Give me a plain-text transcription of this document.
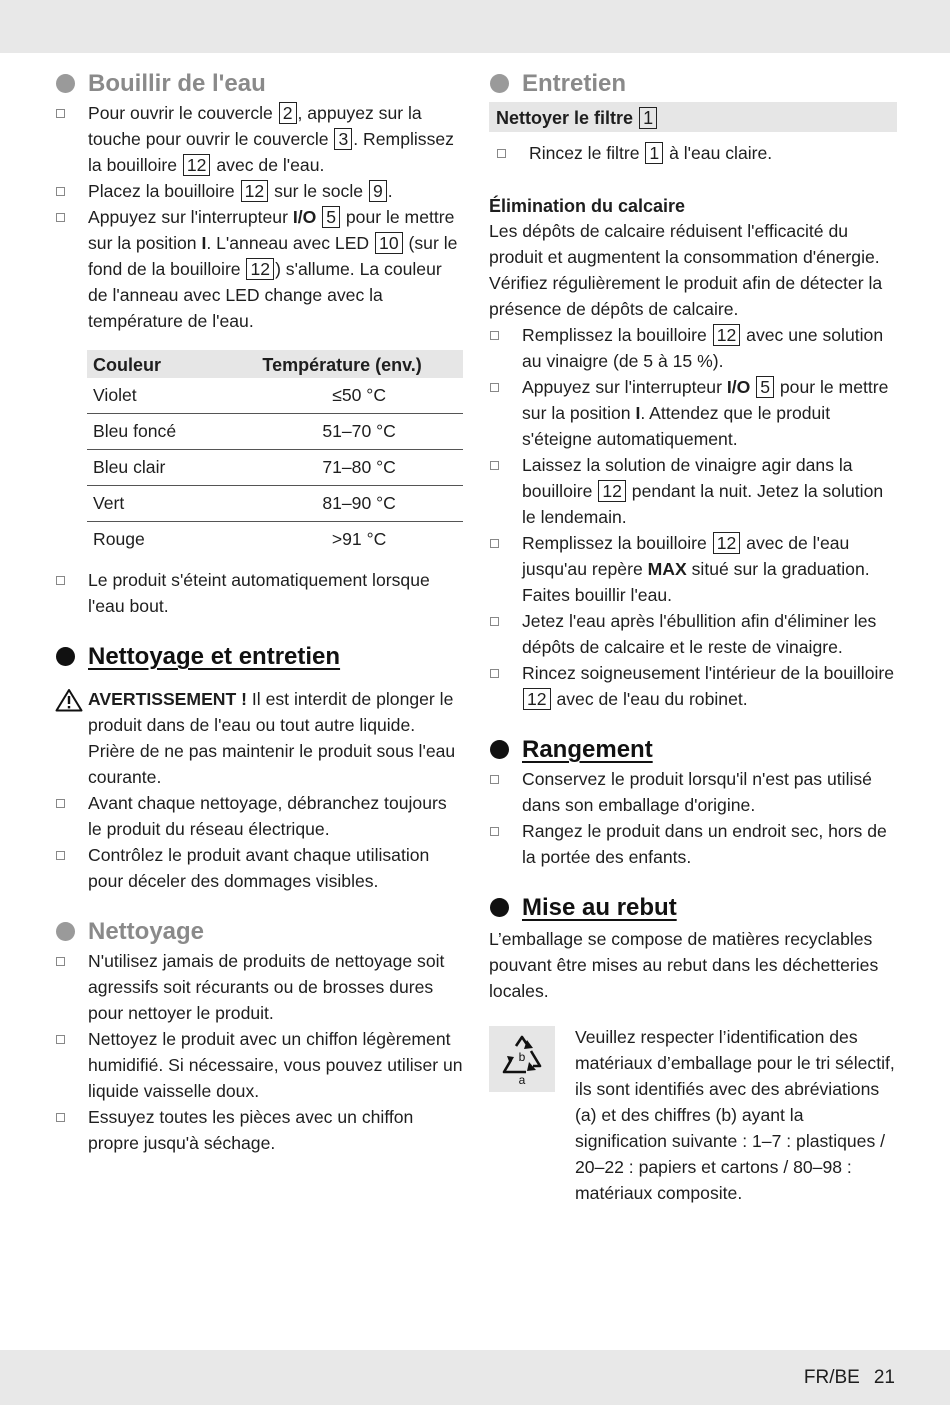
Bouillir de l'eau
Pour ouvrir le couvercle 2 , appuyez sur la touche pour ouvrir le couvercle 3 . Remplissez la bouilloire 12 avec de l'eau.
Placez la bouilloire 12 sur le socle 9 .
Appuyez sur l'interrupteur I/O 5 pour le mettre sur la position I. L'anneau avec LED 10 (sur le fond de la bouilloire 12 ) s'allume. La couleur de l'anneau avec LED change avec la température de l'eau.
Couleur	Température (env.)
Violet	≤50 °C
Bleu foncé	51–70 °C
Bleu clair	71–80 °C
Vert	81–90 °C
Rouge	>91 °C
Le produit s'éteint automatiquement lorsque l'eau bout.
Nettoyage et entretien
AVERTISSEMENT ! Il est interdit de plonger le produit dans de l'eau ou tout autre liquide. Prière de ne pas maintenir le produit sous l'eau courante.
Avant chaque nettoyage, débranchez toujours le produit du réseau électrique.
Contrôlez le produit avant chaque utilisation pour déceler des dommages visibles.
Nettoyage
N'utilisez jamais de produits de nettoyage soit agressifs soit récurants ou de brosses dures pour nettoyer le produit.
Nettoyez le produit avec un chiffon légèrement humidifié. Si nécessaire, vous pouvez utiliser un liquide vaisselle doux.
Essuyez toutes les pièces avec un chiffon propre jusqu'à séchage.
Entretien
Nettoyer le filtre 1
Rincez le filtre 1 à l'eau claire.
Élimination du calcaire

Les dépôts de calcaire réduisent l'efficacité du produit et augmentent la consommation d'énergie. Vérifiez régulièrement le produit afin de détecter la présence de dépôts de calcaire.

Remplissez la bouilloire 12 avec une solution au vinaigre (de 5 à 15 %).
Appuyez sur l'interrupteur I/O 5 pour le mettre sur la position I. Attendez que le produit s'éteigne automatiquement.
Laissez la solution de vinaigre agir dans la bouilloire 12 pendant la nuit. Jetez la solution le lendemain.
Remplissez la bouilloire 12 avec de l'eau jusqu'au repère MAX situé sur la graduation. Faites bouillir l'eau.
Jetez l'eau après l'ébullition afin d'éliminer les dépôts de calcaire et le reste de vinaigre.
Rincez soigneusement l'intérieur de la bouilloire 12 avec de l'eau du robinet.
Rangement
Conservez le produit lorsqu'il n'est pas utilisé dans son emballage d'origine.
Rangez le produit dans un endroit sec, hors de la portée des enfants.
Mise au rebut

L’emballage se compose de matières recyclables pouvant être mises au rebut dans les déchetteries locales.

b
a

Veuillez respecter l’identification des matériaux d’emballage pour le tri sélectif, ils sont identifiés avec des abréviations (a) et des chiffres (b) ayant la signification suivante : 1–7 : plastiques / 20–22 : papiers et cartons / 80–98 : matériaux composite.

FR/BE 21
